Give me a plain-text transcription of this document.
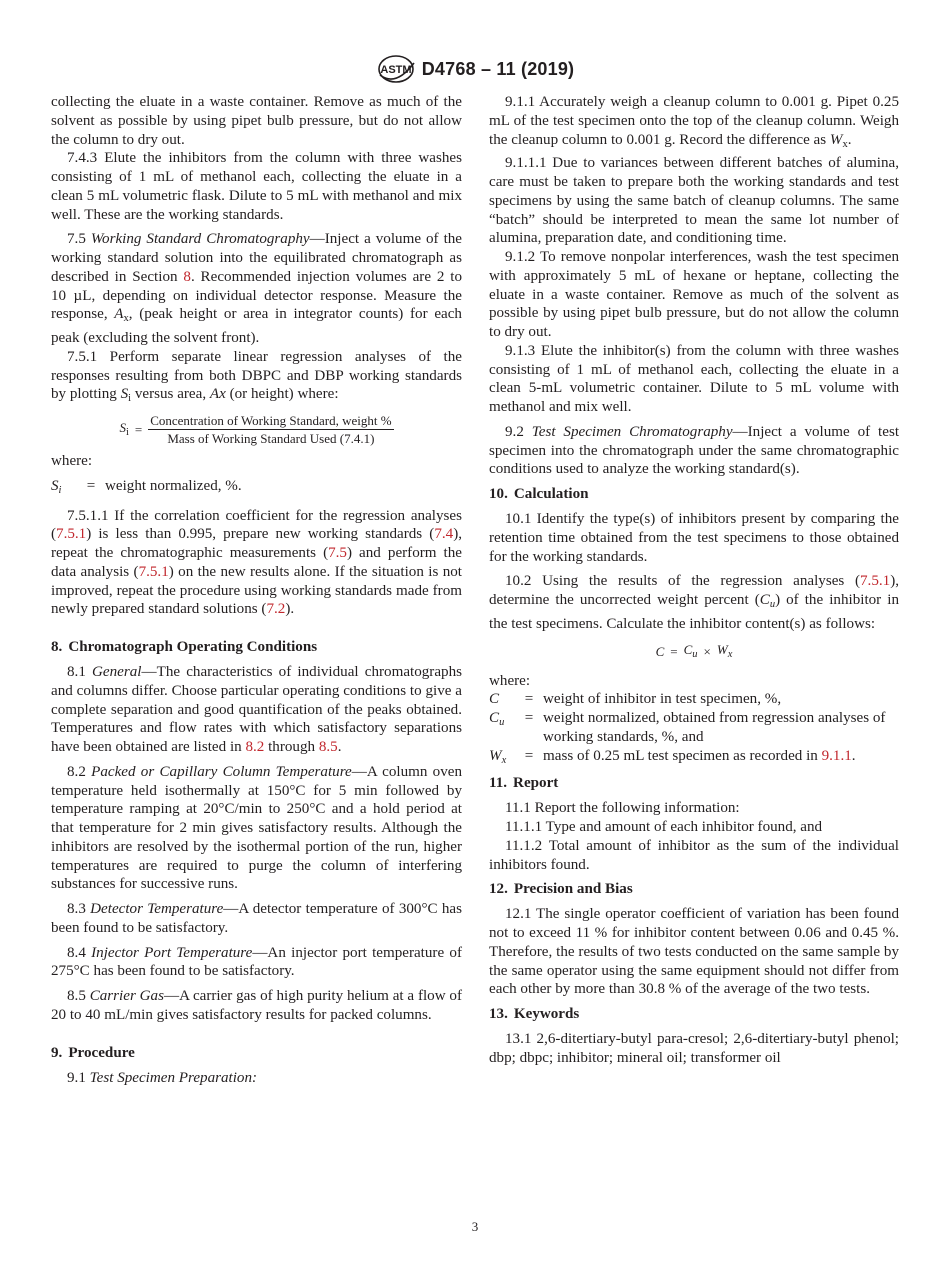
ASTM D4768 – 11 (2019)

collecting the eluate in a waste container. Remove as much of the solvent as possible by using pipet bulb pressure, but do not allow the column to dry out.

7.4.3 Elute the inhibitors from the column with three washes consisting of 1 mL of methanol each, collecting the eluate in a clean 5 mL volumetric flask. Dilute to 5 mL with methanol and mix well. These are the working standards.

7.5 Working Standard Chromatography—Inject a volume of the working standard solution into the equilibrated chromatograph as described in Section 8. Recommended injection volumes are 2 to 10 µL, depending on individual detector response. Measure the response, $A_x$, (peak height or area in integrator counts) for each peak (excluding the solvent front).

7.5.1 Perform separate linear regression analyses of the responses resulting from both DBPC and DBP working standards by plotting $S_i$ versus area, Ax (or height) where:

$S_i = \frac{\text{Concentration of Working Standard, weight \%}}{\text{Mass of Working Standard Used (7.4.1)}}$

where:

$S_i$	= weight normalized, %.

7.5.1.1 If the correlation coefficient for the regression analyses (7.5.1) is less than 0.995, prepare new working standards (7.4), repeat the chromatographic measurements (7.5) and perform the data analysis (7.5.1) on the new results alone. If the situation is not improved, repeat the procedure using working standards made from newly prepared standard solutions (7.2).

8. Chromatograph Operating Conditions

8.1 General—The characteristics of individual chromatographs and columns differ. Choose particular operating conditions to give a complete separation and good quantification of the peaks obtained. Temperatures and flow rates with which satisfactory separations have been obtained are listed in 8.2 through 8.5.

8.2 Packed or Capillary Column Temperature—A column oven temperature held isothermally at 150°C for 5 min followed by temperature ramping at 20°C/min to 250°C and a hold period at that temperature for 2 min gives satisfactory results. Although the inhibitors are resolved by the isothermal portion of the run, higher temperatures are required to purge the column of interfering substances for successive runs.

8.3 Detector Temperature—A detector temperature of 300°C has been found to be satisfactory.

8.4 Injector Port Temperature—An injector port temperature of 275°C has been found to be satisfactory.

8.5 Carrier Gas—A carrier gas of high purity helium at a flow of 20 to 40 mL/min gives satisfactory results for packed columns.

9. Procedure

9.1 Test Specimen Preparation:

9.1.1 Accurately weigh a cleanup column to 0.001 g. Pipet 0.25 mL of the test specimen onto the top of the cleanup column. Weigh the cleanup column to 0.001 g. Record the difference as $W_x$.

9.1.1.1 Due to variances between different batches of alumina, care must be taken to prepare both the working standards and test specimens by using the same batch of cleanup columns. The same “batch” should be interpreted to mean the same lot number of alumina, preparation date, and conditioning time.

9.1.2 To remove nonpolar interferences, wash the test specimen with approximately 5 mL of hexane or heptane, collecting the eluate in a waste container. Remove as much of the solvent as possible by using pipet bulb pressure, but do not allow the column to dry out.

9.1.3 Elute the inhibitor(s) from the column with three washes consisting of 1 mL of methanol each, collecting the eluate in a clean 5-mL volumetric container. Dilute to 5 mL volume with methanol and mix well.

9.2 Test Specimen Chromatography—Inject a volume of test specimen into the chromatograph under the same chromatographic conditions used to analyze the working standard(s).

10. Calculation

10.1 Identify the type(s) of inhibitors present by comparing the retention time obtained from the test specimens to those obtained for the working standards.

10.2 Using the results of the regression analyses (7.5.1), determine the uncorrected weight percent $(C_u)$ of the inhibitor in the test specimens. Calculate the inhibitor content(s) as follows:

$C = C_u \times W_x$

where:

C	= weight of inhibitor in test specimen, %,
$C_u$	= weight normalized, obtained from regression analyses of working standards, %, and
$W_x$	= mass of 0.25 mL test specimen as recorded in 9.1.1.
11. Report

11.1 Report the following information:

11.1.1 Type and amount of each inhibitor found, and

11.1.2 Total amount of inhibitor as the sum of the individual inhibitors found.

12. Precision and Bias

12.1 The single operator coefficient of variation has been found not to exceed 11 % for inhibitor content between 0.06 and 0.45 %. Therefore, the results of two tests conducted on the same sample by the same operator using the same equipment should not differ from each other by more than 30.8 % of the average of the two tests.

13. Keywords

13.1 2,6-ditertiary-butyl para-cresol; 2,6-ditertiary-butyl phenol; dbp; dbpc; inhibitor; mineral oil; transformer oil

3
